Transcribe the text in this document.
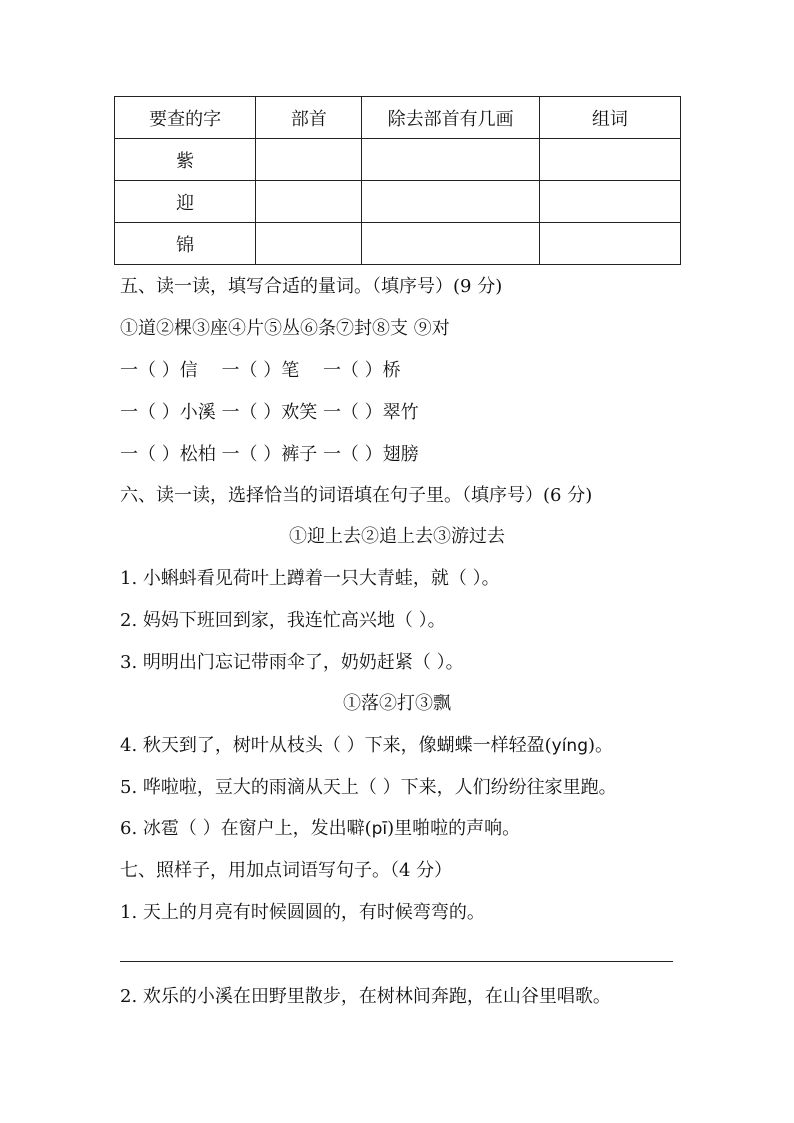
要查的字	部首	除去部首有几画	组词
紫			
迎			
锦			
五、读一读，填写合适的量词。（填序号）(9 分)
①道②棵③座④片⑤丛⑥条⑦封⑧支 ⑨对
一（ ）信 一（ ）笔 一（ ）桥
一（ ）小溪 一（ ）欢笑 一（ ）翠竹
一（ ）松柏 一（ ）裤子 一（ ）翅膀
六、读一读，选择恰当的词语填在句子里。（填序号）(6 分)
①迎上去②追上去③游过去
1. 小蝌蚪看见荷叶上蹲着一只大青蛙，就（ ）。
2. 妈妈下班回到家，我连忙高兴地（ ）。
3. 明明出门忘记带雨伞了，奶奶赶紧（ ）。
①落②打③飘
4. 秋天到了，树叶从枝头（ ）下来，像蝴蝶一样轻盈(yíng)。
5. 哗啦啦，豆大的雨滴从天上（ ）下来，人们纷纷往家里跑。
6. 冰雹（ ）在窗户上，发出噼(pī)里啪啦的声响。
七、照样子，用加点词语写句子。（4 分）
1. 天上的月亮有时候圆圆的，有时候弯弯的。
2. 欢乐的小溪在田野里散步，在树林间奔跑，在山谷里唱歌。
